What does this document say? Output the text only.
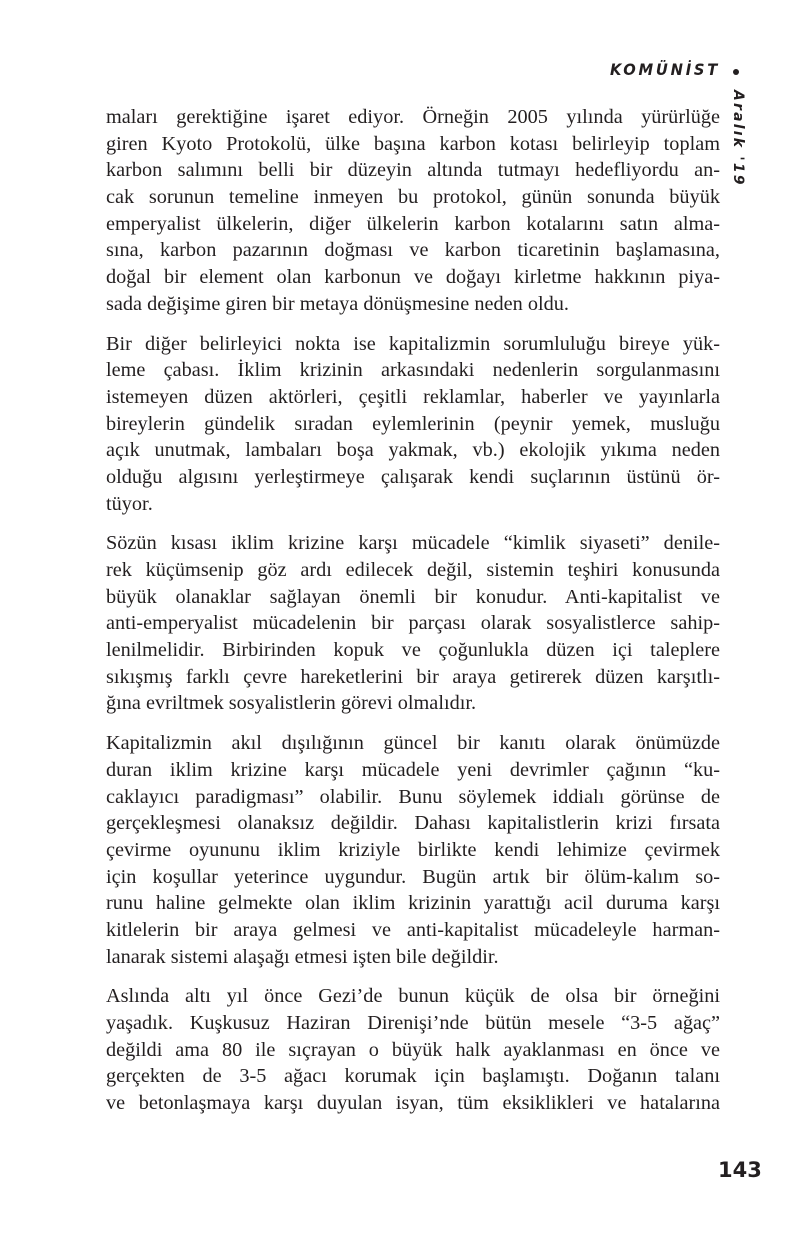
KOMÜNİST
Aralık '19
maları gerektiğine işaret ediyor. Örneğin 2005 yılında yürürlüğe
giren Kyoto Protokolü, ülke başına karbon kotası belirleyip toplam
karbon salımını belli bir düzeyin altında tutmayı hedefliyordu an-
cak sorunun temeline inmeyen bu protokol, günün sonunda büyük
emperyalist ülkelerin, diğer ülkelerin karbon kotalarını satın alma-
sına, karbon pazarının doğması ve karbon ticaretinin başlamasına,
doğal bir element olan karbonun ve doğayı kirletme hakkının piya-
sada değişime giren bir metaya dönüşmesine neden oldu.
Bir diğer belirleyici nokta ise kapitalizmin sorumluluğu bireye yük-
leme çabası. İklim krizinin arkasındaki nedenlerin sorgulanmasını
istemeyen düzen aktörleri, çeşitli reklamlar, haberler ve yayınlarla
bireylerin gündelik sıradan eylemlerinin (peynir yemek, musluğu
açık unutmak, lambaları boşa yakmak, vb.) ekolojik yıkıma neden
olduğu algısını yerleştirmeye çalışarak kendi suçlarının üstünü ör-
tüyor.
Sözün kısası iklim krizine karşı mücadele “kimlik siyaseti” denile-
rek küçümsenip göz ardı edilecek değil, sistemin teşhiri konusunda
büyük olanaklar sağlayan önemli bir konudur. Anti-kapitalist ve
anti-emperyalist mücadelenin bir parçası olarak sosyalistlerce sahip-
lenilmelidir. Birbirinden kopuk ve çoğunlukla düzen içi taleplere
sıkışmış farklı çevre hareketlerini bir araya getirerek düzen karşıtlı-
ğına evriltmek sosyalistlerin görevi olmalıdır.
Kapitalizmin akıl dışılığının güncel bir kanıtı olarak önümüzde
duran iklim krizine karşı mücadele yeni devrimler çağının “ku-
caklayıcı paradigması” olabilir. Bunu söylemek iddialı görünse de
gerçekleşmesi olanaksız değildir. Dahası kapitalistlerin krizi fırsata
çevirme oyununu iklim kriziyle birlikte kendi lehimize çevirmek
için koşullar yeterince uygundur. Bugün artık bir ölüm-kalım so-
runu haline gelmekte olan iklim krizinin yarattığı acil duruma karşı
kitlelerin bir araya gelmesi ve anti-kapitalist mücadeleyle harman-
lanarak sistemi alaşağı etmesi işten bile değildir.
Aslında altı yıl önce Gezi’de bunun küçük de olsa bir örneğini
yaşadık. Kuşkusuz Haziran Direnişi’nde bütün mesele “3-5 ağaç”
değildi ama 80 ile sıçrayan o büyük halk ayaklanması en önce ve
gerçekten de 3-5 ağacı korumak için başlamıştı. Doğanın talanı
ve betonlaşmaya karşı duyulan isyan, tüm eksiklikleri ve hatalarına
143
